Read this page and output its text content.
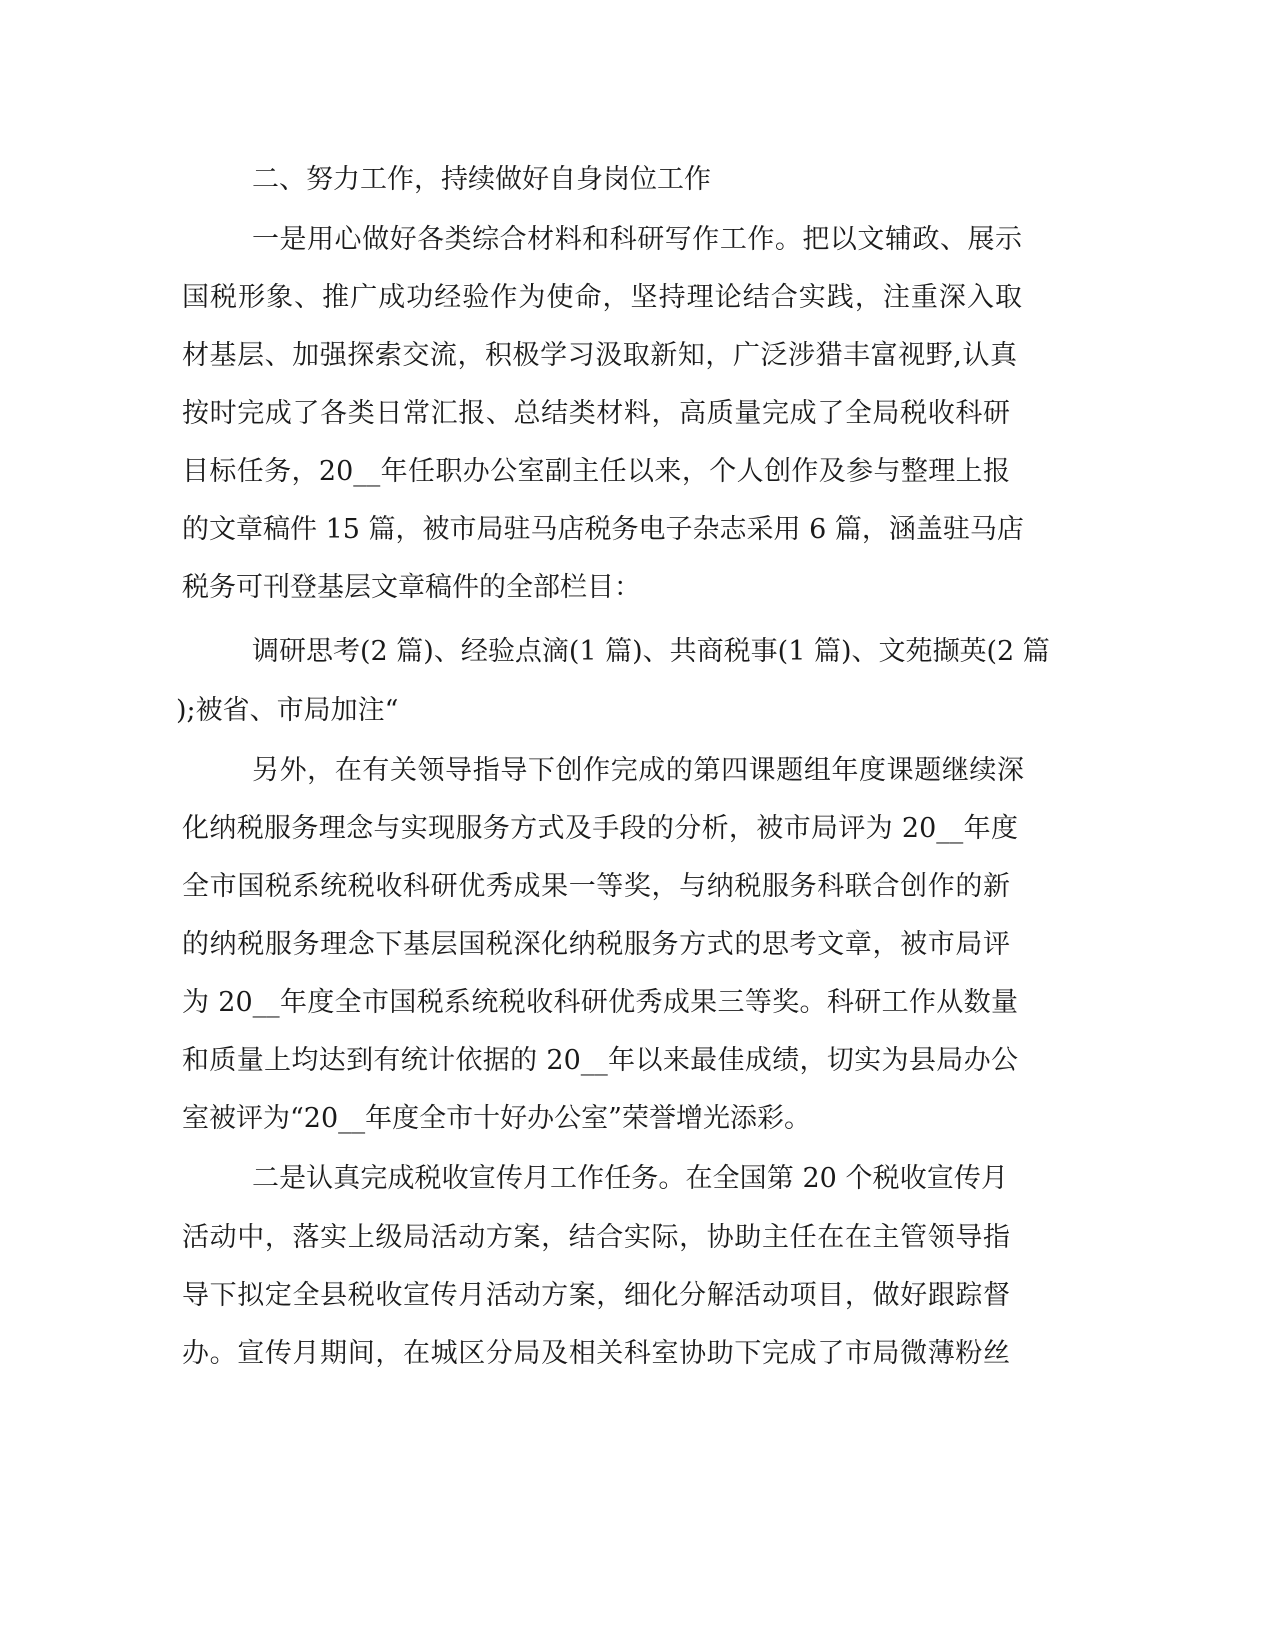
二、努力工作，持续做好自身岗位工作
一是用心做好各类综合材料和科研写作工作。把以文辅政、展示
国税形象、推广成功经验作为使命，坚持理论结合实践，注重深入取
材基层、加强探索交流，积极学习汲取新知，广泛涉猎丰富视野,认真
按时完成了各类日常汇报、总结类材料，高质量完成了全局税收科研
目标任务，20__年任职办公室副主任以来，个人创作及参与整理上报
的文章稿件 15 篇，被市局驻马店税务电子杂志采用 6 篇，涵盖驻马店
税务可刊登基层文章稿件的全部栏目：
调研思考(2 篇)、经验点滴(1 篇)、共商税事(1 篇)、文苑撷英(2 篇
);被省、市局加注“
另外，在有关领导指导下创作完成的第四课题组年度课题继续深
化纳税服务理念与实现服务方式及手段的分析，被市局评为 20__年度
全市国税系统税收科研优秀成果一等奖，与纳税服务科联合创作的新
的纳税服务理念下基层国税深化纳税服务方式的思考文章，被市局评
为 20__年度全市国税系统税收科研优秀成果三等奖。科研工作从数量
和质量上均达到有统计依据的 20__年以来最佳成绩，切实为县局办公
室被评为“20__年度全市十好办公室”荣誉增光添彩。
二是认真完成税收宣传月工作任务。在全国第 20 个税收宣传月
活动中，落实上级局活动方案，结合实际，协助主任在在主管领导指
导下拟定全县税收宣传月活动方案，细化分解活动项目，做好跟踪督
办。宣传月期间，在城区分局及相关科室协助下完成了市局微薄粉丝
